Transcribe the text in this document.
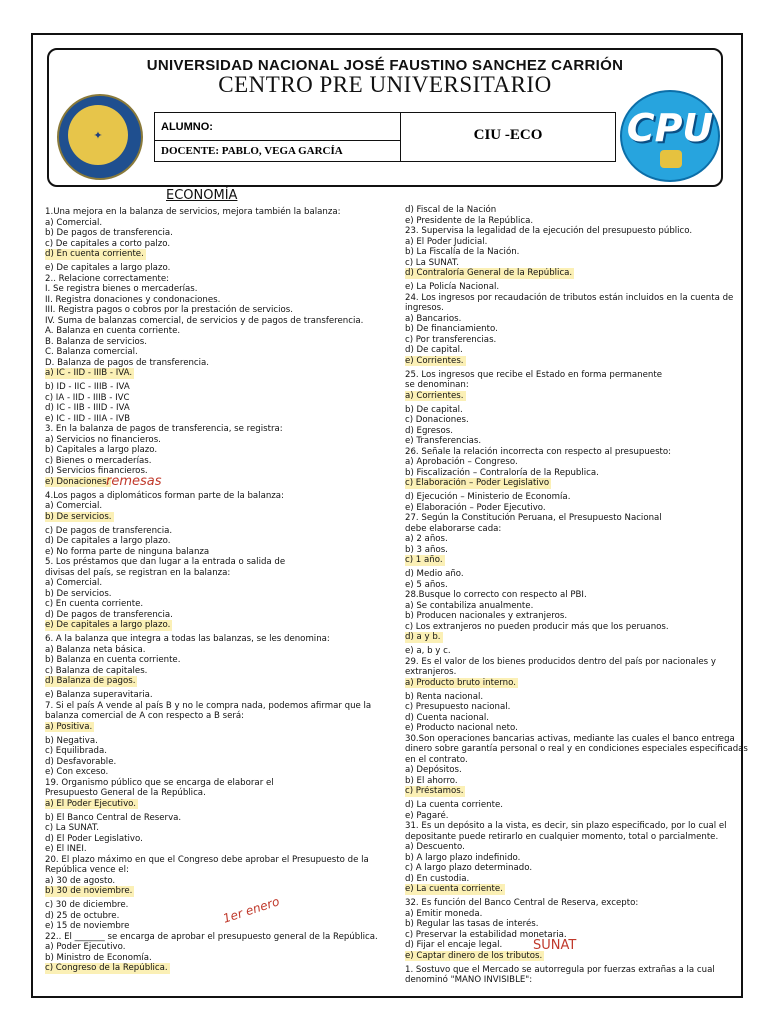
UNIVERSIDAD NACIONAL JOSÉ FAUSTINO SANCHEZ CARRIÓN
CENTRO PRE UNIVERSITARIO
✦
ALUMNO:
DOCENTE: PABLO, VEGA GARCÍA
CIU -ECO	CPU
ECONOMÍA
1.Una mejora en la balanza de servicios, mejora también la balanza:
a) Comercial.
b) De pagos de transferencia.
c) De capitales a corto palzo.
d) En cuenta corriente.
e) De capitales a largo plazo.
2.. Relacione correctamente:
I. Se registra bienes o mercaderías.
II. Registra donaciones y condonaciones.
III. Registra pagos o cobros por la prestación de servicios.
IV. Suma de balanzas comercial, de servicios y de pagos de transferencia.
A. Balanza en cuenta corriente.
B. Balanza de servicios.
C. Balanza comercial.
D. Balanza de pagos de transferencia.
a) IC - IID - IIIB - IVA.
b) ID - IIC - IIIB - IVA
c) IA - IID - IIIB - IVC
d) IC - IIB - IIID - IVA
e) IC - IID - IIIA - IVB
3. En la balanza de pagos de transferencia, se registra:
a) Servicios no financieros.
b) Capitales a largo plazo.
c) Bienes o mercaderías.
d) Servicios financieros.
e) Donaciones.
4.Los pagos a diplomáticos forman parte de la balanza:
a) Comercial.
b) De servicios.
c) De pagos de transferencia.
d) De capitales a largo plazo.
e) No forma parte de ninguna balanza
5. Los préstamos que dan lugar a la entrada o salida de
divisas del país, se registran en la balanza:
a) Comercial.
b) De servicios.
c) En cuenta corriente.
d) De pagos de transferencia.
e) De capitales a largo plazo.
6. A la balanza que integra a todas las balanzas, se les denomina:
a) Balanza neta básica.
b) Balanza en cuenta corriente.
c) Balanza de capitales.
d) Balanza de pagos.
e) Balanza superavitaria.
7. Si el país A vende al país B y no le compra nada, podemos afirmar que la
balanza comercial de A con respecto a B será:
a) Positiva.
b) Negativa.
c) Equilibrada.
d) Desfavorable.
e) Con exceso.
19. Organismo público que se encarga de elaborar el
Presupuesto General de la República.
a) El Poder Ejecutivo.
b) El Banco Central de Reserva.
c) La SUNAT.
d) El Poder Legislativo.
e) El INEI.
20. El plazo máximo en que el Congreso debe aprobar el Presupuesto de la
República vence el:
a) 30 de agosto.
b) 30 de noviembre.
c) 30 de diciembre.
d) 25 de octubre.
e) 15 de noviembre
22.. El _______ se encarga de aprobar el presupuesto general de la República.
a) Poder Ejecutivo.
b) Ministro de Economía.
c) Congreso de la República.
d) Fiscal de la Nación
e) Presidente de la República.
23. Supervisa la legalidad de la ejecución del presupuesto público.
a) El Poder Judicial.
b) La Fiscalía de la Nación.
c) La SUNAT.
d) Contraloría General de la República.
e) La Policía Nacional.
24. Los ingresos por recaudación de tributos están incluidos en la cuenta de
ingresos.
a) Bancarios.
b) De financiamiento.
c) Por transferencias.
d) De capital.
e) Corrientes.
25. Los ingresos que recibe el Estado en forma permanente
se denominan:
a) Corrientes.
b) De capital.
c) Donaciones.
d) Egresos.
e) Transferencias.
26. Señale la relación incorrecta con respecto al presupuesto:
a) Aprobación – Congreso.
b) Fiscalización – Contraloría de la Republica.
c) Elaboración – Poder Legislativo
d) Ejecución – Ministerio de Economía.
e) Elaboración – Poder Ejecutivo.
27. Según la Constitución Peruana, el Presupuesto Nacional
debe elaborarse cada:
a) 2 años.
b) 3 años.
c) 1 año.
d) Medio año.
e) 5 años.
28.Busque lo correcto con respecto al PBI.
a) Se contabiliza anualmente.
b) Producen nacionales y extranjeros.
c) Los extranjeros no pueden producir más que los peruanos.
d) a y b.
e) a, b y c.
29. Es el valor de los bienes producidos dentro del país por nacionales y
extranjeros.
a) Producto bruto interno.
b) Renta nacional.
c) Presupuesto nacional.
d) Cuenta nacional.
e) Producto nacional neto.
30.Son operaciones bancarias activas, mediante las cuales el banco entrega
dinero sobre garantía personal o real y en condiciones especiales especificadas
en el contrato.
a) Depósitos.
b) El ahorro.
c) Préstamos.
d) La cuenta corriente.
e) Pagaré.
31. Es un depósito a la vista, es decir, sin plazo especificado, por lo cual el
depositante puede retirarlo en cualquier momento, total o parcialmente.
a) Descuento.
b) A largo plazo indefinido.
c) A largo plazo determinado.
d) En custodia.
e) La cuenta corriente.
32. Es función del Banco Central de Reserva, excepto:
a) Emitir moneda.
b) Regular las tasas de interés.
c) Preservar la estabilidad monetaria.
d) Fijar el encaje legal.
e) Captar dinero de los tributos.
1. Sostuvo que el Mercado se autorregula por fuerzas extrañas a la cual
denominó "MANO INVISIBLE":
remesas
1er enero
SUNAT
